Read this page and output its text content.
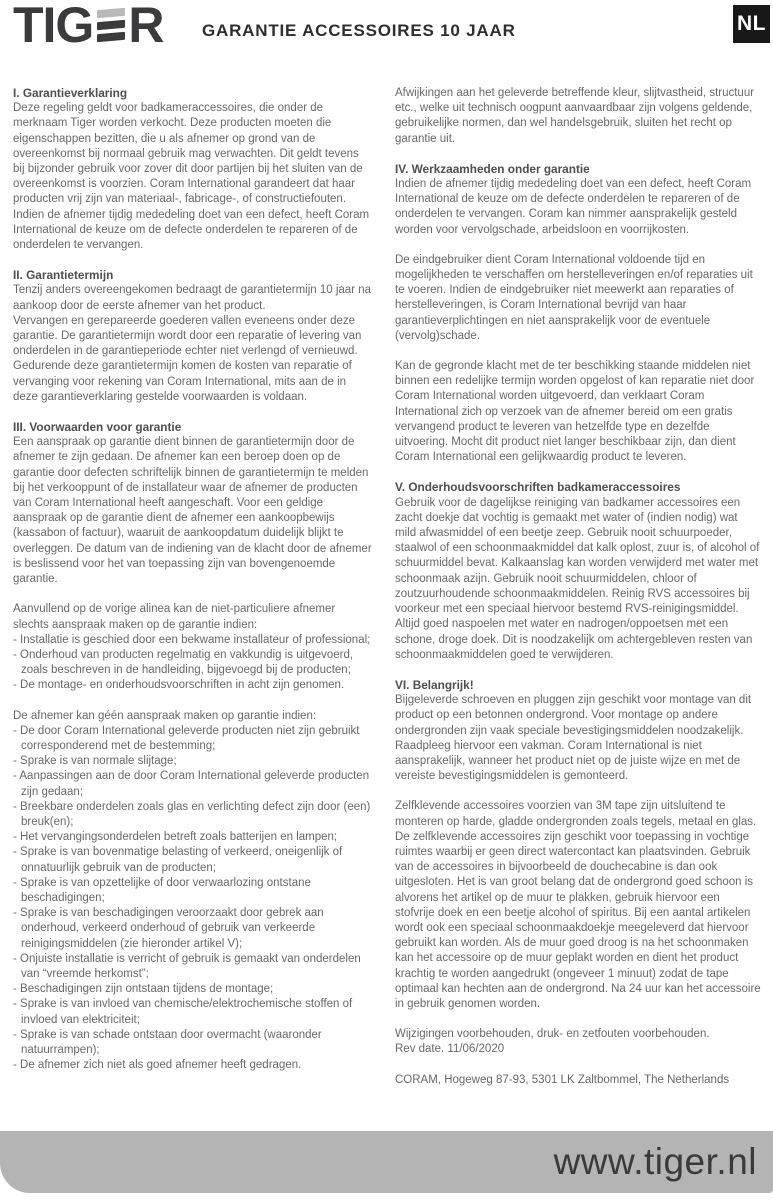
TIG R GARANTIE ACCESSOIRES 10 JAAR	NL
I. Garantieverklaring

Deze regeling geldt voor badkameraccessoires, die onder de merknaam Tiger worden verkocht. Deze producten moeten die eigenschappen bezitten, die u als afnemer op grond van de overeenkomst bij normaal gebruik mag verwachten. Dit geldt tevens bij bijzonder gebruik voor zover dit door partijen bij het sluiten van de overeenkomst is voorzien. Coram International garandeert dat haar producten vrij zijn van materiaal-, fabricage-, of constructiefouten. Indien de afnemer tijdig mededeling doet van een defect, heeft Coram International de keuze om de defecte onderdelen te repareren of de onderdelen te vervangen.

II. Garantietermijn

Tenzij anders overeengekomen bedraagt de garantietermijn 10 jaar na aankoop door de eerste afnemer van het product.

Vervangen en gerepareerde goederen vallen eveneens onder deze garantie. De garantietermijn wordt door een reparatie of levering van onderdelen in de garantieperiode echter niet verlengd of vernieuwd.

Gedurende deze garantietermijn komen de kosten van reparatie of vervanging voor rekening van Coram International, mits aan de in deze garantieverklaring gestelde voorwaarden is voldaan.

III. Voorwaarden voor garantie

Een aanspraak op garantie dient binnen de garantietermijn door de afnemer te zijn gedaan. De afnemer kan een beroep doen op de garantie door defecten schriftelijk binnen de garantietermijn te melden bij het verkooppunt of de installateur waar de afnemer de producten van Coram International heeft aangeschaft. Voor een geldige aanspraak op de garantie dient de afnemer een aankoopbewijs (kassabon of factuur), waaruit de aankoopdatum duidelijk blijkt te overleggen. De datum van de indiening van de klacht door de afnemer is beslissend voor het van toepassing zijn van bovengenoemde garantie.

Aanvullend op de vorige alinea kan de niet-particuliere afnemer slechts aanspraak maken op de garantie indien:

- Installatie is geschied door een bekwame installateur of professional;
- Onderhoud van producten regelmatig en vakkundig is uitgevoerd, zoals beschreven in de handleiding, bijgevoegd bij de producten;
- De montage- en onderhoudsvoorschriften in acht zijn genomen.

De afnemer kan géén aanspraak maken op garantie indien:

- De door Coram International geleverde producten niet zijn gebruikt corresponderend met de bestemming;
- Sprake is van normale slijtage;
- Aanpassingen aan de door Coram International geleverde producten zijn gedaan;
- Breekbare onderdelen zoals glas en verlichting defect zijn door (een) breuk(en);
- Het vervangingsonderdelen betreft zoals batterijen en lampen;
- Sprake is van bovenmatige belasting of verkeerd, oneigenlijk of onnatuurlijk gebruik van de producten;
- Sprake is van opzettelijke of door verwaarlozing ontstane beschadigingen;
- Sprake is van beschadigingen veroorzaakt door gebrek aan onderhoud, verkeerd onderhoud of gebruik van verkeerde reinigingsmiddelen (zie hieronder artikel V);
- Onjuiste installatie is verricht of gebruik is gemaakt van onderdelen van “vreemde herkomst”;
- Beschadigingen zijn ontstaan tijdens de montage;
- Sprake is van invloed van chemische/elektrochemische stoffen of invloed van elektriciteit;
- Sprake is van schade ontstaan door overmacht (waaronder natuurrampen);
- De afnemer zich niet als goed afnemer heeft gedragen.

Afwijkingen aan het geleverde betreffende kleur, slijtvastheid, structuur etc., welke uit technisch oogpunt aanvaardbaar zijn volgens geldende, gebruikelijke normen, dan wel handelsgebruik, sluiten het recht op garantie uit.

IV. Werkzaamheden onder garantie

Indien de afnemer tijdig mededeling doet van een defect, heeft Coram International de keuze om de defecte onderdelen te repareren of de onderdelen te vervangen. Coram kan nimmer aansprakelijk gesteld worden voor vervolgschade, arbeidsloon en voorrijkosten.

De eindgebruiker dient Coram International voldoende tijd en mogelijkheden te verschaffen om herstelleveringen en/of reparaties uit te voeren. Indien de eindgebruiker niet meewerkt aan reparaties of herstelleveringen, is Coram International bevrijd van haar garantieverplichtingen en niet aansprakelijk voor de eventuele (vervolg)schade.

Kan de gegronde klacht met de ter beschikking staande middelen niet binnen een redelijke termijn worden opgelost of kan reparatie niet door Coram International worden uitgevoerd, dan verklaart Coram International zich op verzoek van de afnemer bereid om een gratis vervangend product te leveren van hetzelfde type en dezelfde uitvoering. Mocht dit product niet langer beschikbaar zijn, dan dient Coram International een gelijkwaardig product te leveren.

V. Onderhoudsvoorschriften badkameraccessoires

Gebruik voor de dagelijkse reiniging van badkamer accessoires een zacht doekje dat vochtig is gemaakt met water of (indien nodig) wat mild afwasmiddel of een beetje zeep. Gebruik nooit schuurpoeder, staalwol of een schoonmaakmiddel dat kalk oplost, zuur is, of alcohol of schuurmiddel bevat. Kalkaanslag kan worden verwijderd met water met schoonmaak azijn. Gebruik nooit schuurmiddelen, chloor of zoutzuurhoudende schoonmaakmiddelen. Reinig RVS accessoires bij voorkeur met een speciaal hiervoor bestemd RVS-reinigingsmiddel. Altijd goed naspoelen met water en nadrogen/oppoetsen met een schone, droge doek. Dit is noodzakelijk om achtergebleven resten van schoonmaakmiddelen goed te verwijderen.

VI. Belangrijk!

Bijgeleverde schroeven en pluggen zijn geschikt voor montage van dit product op een betonnen ondergrond. Voor montage op andere ondergronden zijn vaak speciale bevestigingsmiddelen noodzakelijk. Raadpleeg hiervoor een vakman. Coram International is niet aansprakelijk, wanneer het product niet op de juiste wijze en met de vereiste bevestigingsmiddelen is gemonteerd.

Zelfklevende accessoires voorzien van 3M tape zijn uitsluitend te monteren op harde, gladde ondergronden zoals tegels, metaal en glas. De zelfklevende accessoires zijn geschikt voor toepassing in vochtige ruimtes waarbij er geen direct watercontact kan plaatsvinden. Gebruik van de accessoires in bijvoorbeeld de douchecabine is dan ook uitgesloten. Het is van groot belang dat de ondergrond goed schoon is alvorens het artikel op de muur te plakken, gebruik hiervoor een stofvrije doek en een beetje alcohol of spiritus. Bij een aantal artikelen wordt ook een speciaal schoonmaakdoekje meegeleverd dat hiervoor gebruikt kan worden. Als de muur goed droog is na het schoonmaken kan het accessoire op de muur geplakt worden en dient het product krachtig te worden aangedrukt (ongeveer 1 minuut) zodat de tape optimaal kan hechten aan de ondergrond. Na 24 uur kan het accessoire in gebruik genomen worden.

Wijzigingen voorbehouden, druk- en zetfouten voorbehouden.

Rev date. 11/06/2020

CORAM, Hogeweg 87-93, 5301 LK Zaltbommel, The Netherlands

www.tiger.nl
